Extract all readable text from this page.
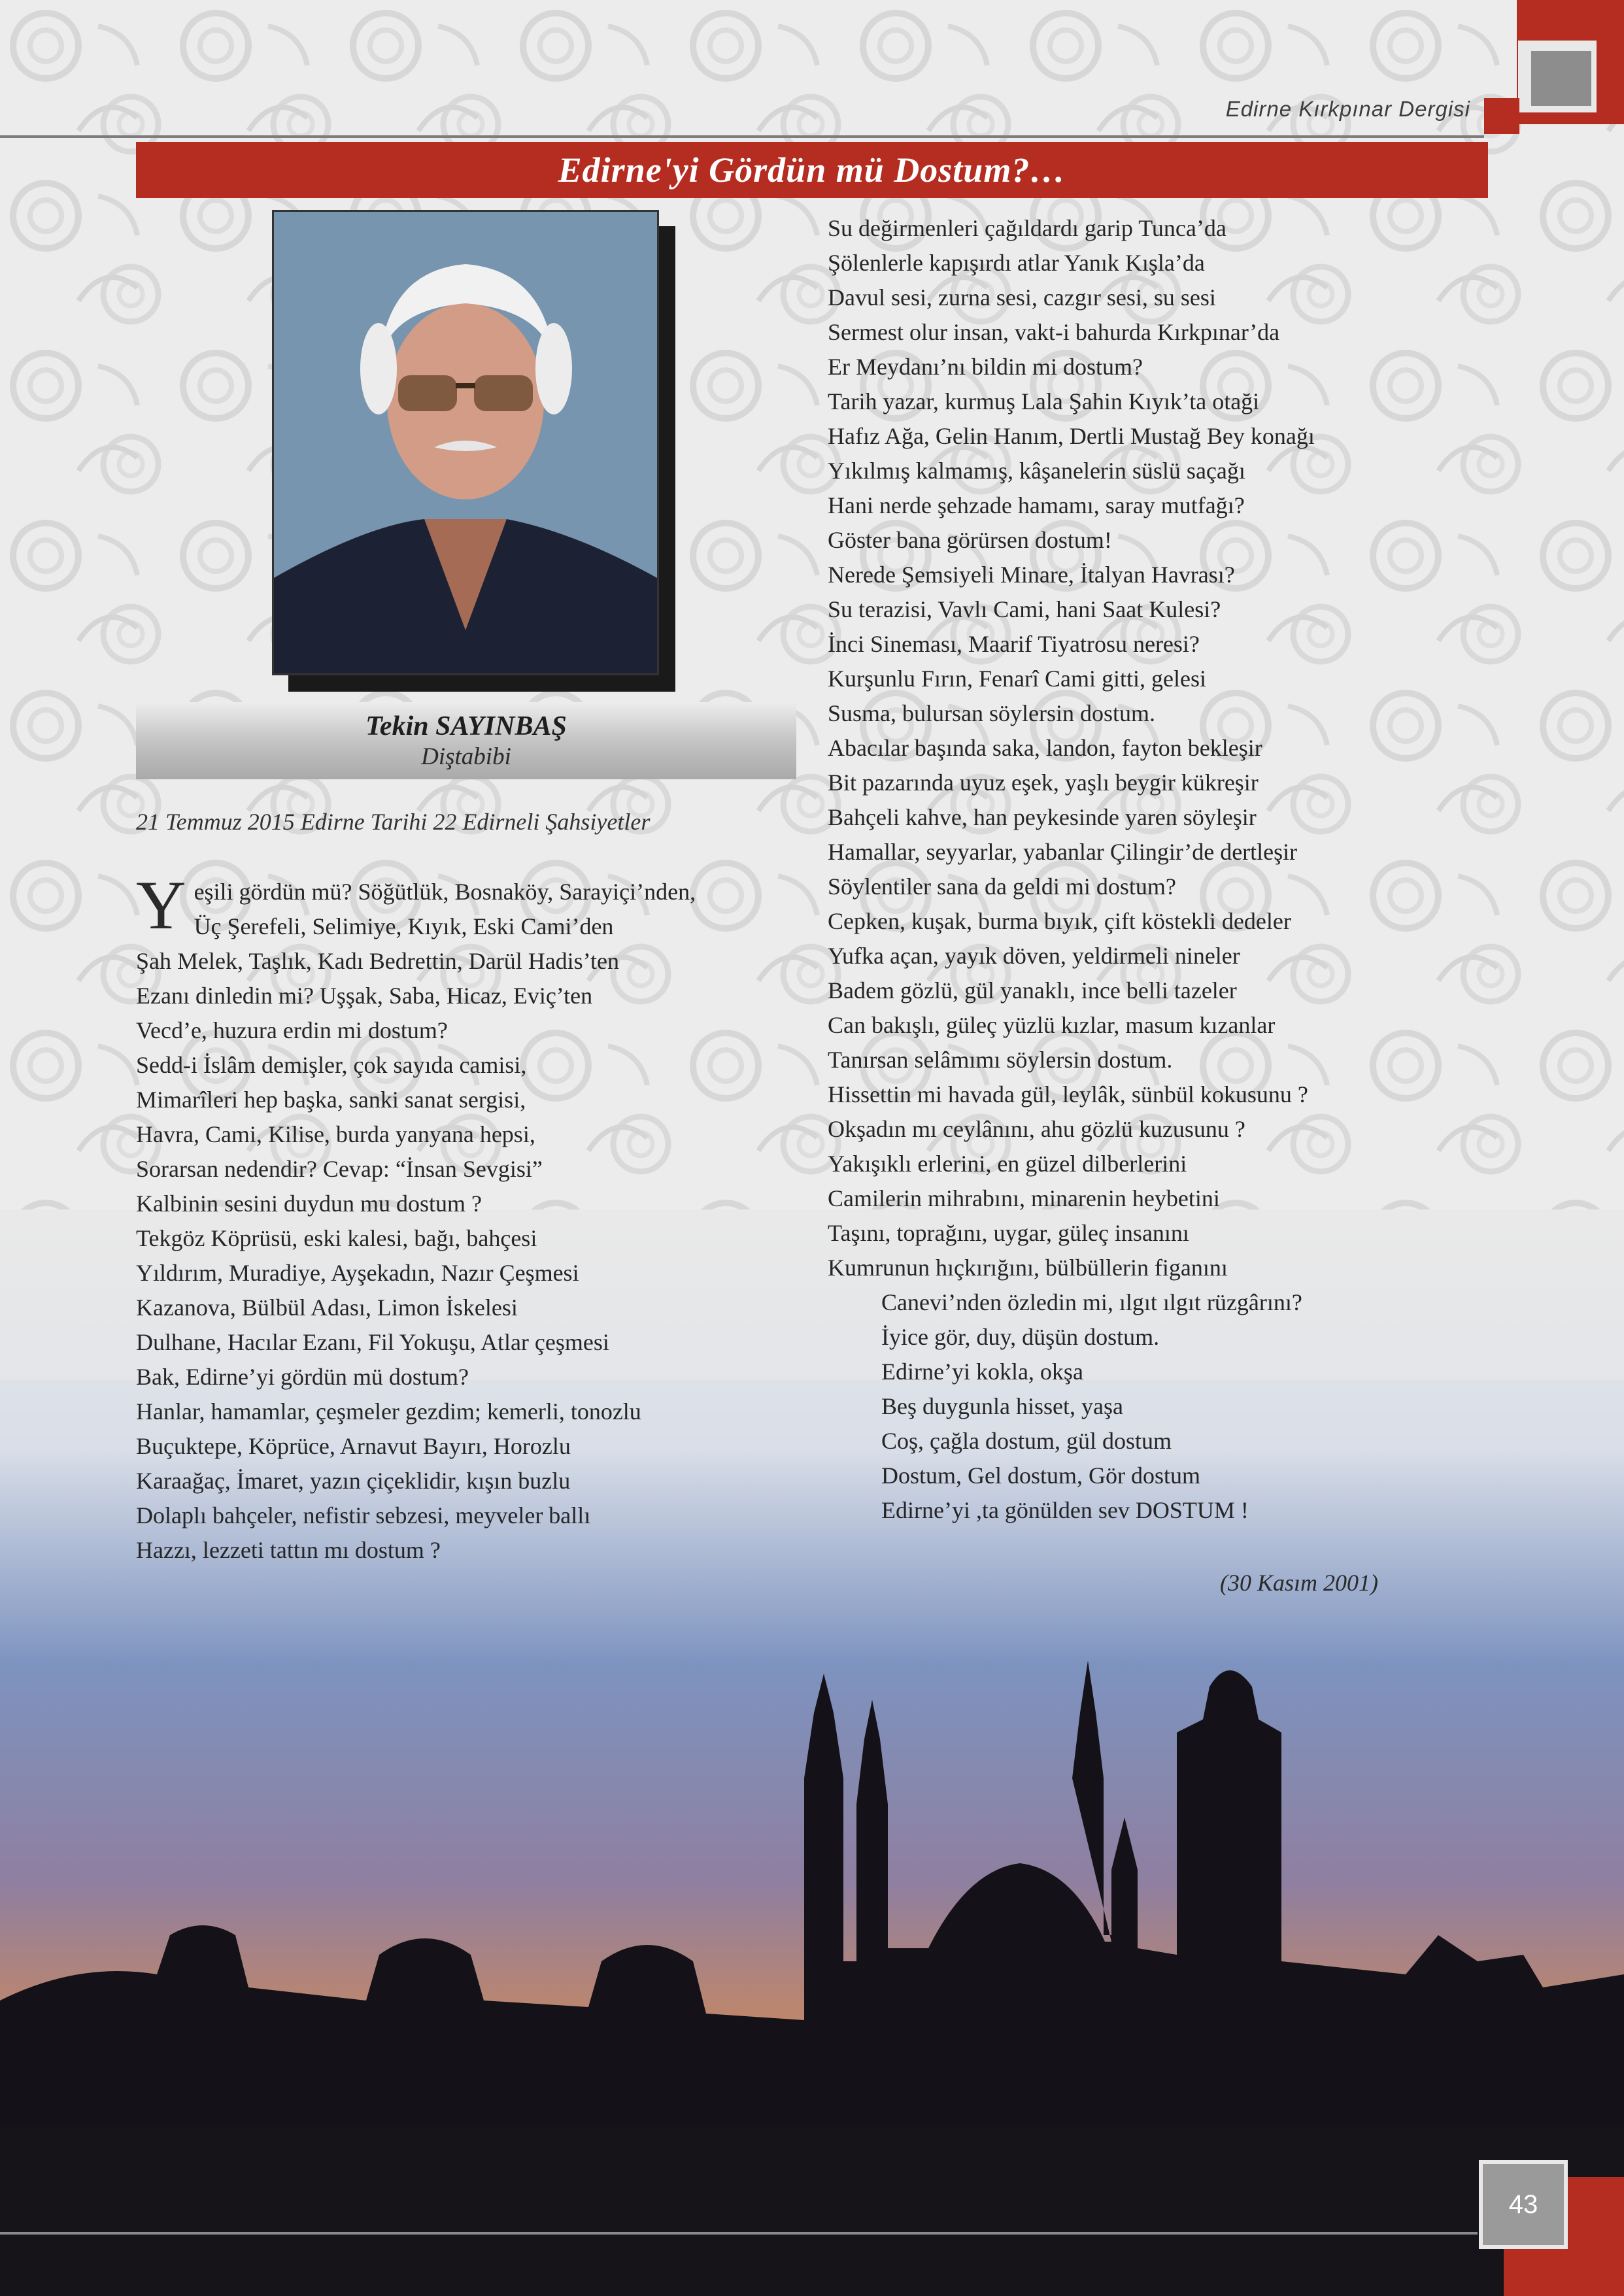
Edirne Kırkpınar Dergisi
Edirne'yi Gördün mü Dostum?…
Tekin SAYINBAŞ
Diştabibi
21 Temmuz 2015 Edirne Tarihi 22 Edirneli Şahsiyetler
Y eşili gördün mü? Söğütlük, Bosnaköy, Sarayiçi’nden,

Üç Şerefeli, Selimiye, Kıyık, Eski Cami’den

Şah Melek, Taşlık, Kadı Bedrettin, Darül Hadis’ten

Ezanı dinledin mi? Uşşak, Saba, Hicaz, Eviç’ten

Vecd’e, huzura erdin mi dostum?

Sedd-i İslâm demişler, çok sayıda camisi,

Mimarîleri hep başka, sanki sanat sergisi,

Havra, Cami, Kilise, burda yanyana hepsi,

Sorarsan nedendir? Cevap: “İnsan Sevgisi”

Kalbinin sesini duydun mu dostum ?

Tekgöz Köprüsü, eski kalesi, bağı, bahçesi

Yıldırım, Muradiye, Ayşekadın, Nazır Çeşmesi

Kazanova, Bülbül Adası, Limon İskelesi

Dulhane, Hacılar Ezanı, Fil Yokuşu, Atlar çeşmesi

Bak, Edirne’yi gördün mü dostum?

Hanlar, hamamlar, çeşmeler gezdim; kemerli, tonozlu

Buçuktepe, Köprüce, Arnavut Bayırı, Horozlu

Karaağaç, İmaret, yazın çiçeklidir, kışın buzlu

Dolaplı bahçeler, nefistir sebzesi, meyveler ballı

Hazzı, lezzeti tattın mı dostum ?

Su değirmenleri çağıldardı garip Tunca’da

Şölenlerle kapışırdı atlar Yanık Kışla’da

Davul sesi, zurna sesi, cazgır sesi, su sesi

Sermest olur insan, vakt-i bahurda Kırkpınar’da

Er Meydanı’nı bildin mi dostum?

Tarih yazar, kurmuş Lala Şahin Kıyık’ta otaği

Hafız Ağa, Gelin Hanım, Dertli Mustağ Bey konağı

Yıkılmış kalmamış, kâşanelerin süslü saçağı

Hani nerde şehzade hamamı, saray mutfağı?

Göster bana görürsen dostum!

Nerede Şemsiyeli Minare, İtalyan Havrası?

Su terazisi, Vavlı Cami, hani Saat Kulesi?

İnci Sineması, Maarif Tiyatrosu neresi?

Kurşunlu Fırın, Fenarî Cami gitti, gelesi

Susma, bulursan söylersin dostum.

Abacılar başında saka, landon, fayton bekleşir

Bit pazarında uyuz eşek, yaşlı beygir kükreşir

Bahçeli kahve, han peykesinde yaren söyleşir

Hamallar, seyyarlar, yabanlar Çilingir’de dertleşir

Söylentiler sana da geldi mi dostum?

Cepken, kuşak, burma bıyık, çift köstekli dedeler

Yufka açan, yayık döven, yeldirmeli nineler

Badem gözlü, gül yanaklı, ince belli tazeler

Can bakışlı, güleç yüzlü kızlar, masum kızanlar

Tanırsan selâmımı söylersin dostum.

Hissettin mi havada gül, leylâk, sünbül kokusunu ?

Okşadın mı ceylânını, ahu gözlü kuzusunu ?

Yakışıklı erlerini, en güzel dilberlerini

Camilerin mihrabını, minarenin heybetini

Taşını, toprağını, uygar, güleç insanını

Kumrunun hıçkırığını, bülbüllerin figanını

Canevi’nden özledin mi, ılgıt ılgıt rüzgârını?

İyice gör, duy, düşün dostum.

Edirne’yi kokla, okşa

Beş duygunla hisset, yaşa

Coş, çağla dostum, gül dostum

Dostum, Gel dostum, Gör dostum

Edirne’yi ,ta gönülden sev DOSTUM !

(30 Kasım 2001)
43
